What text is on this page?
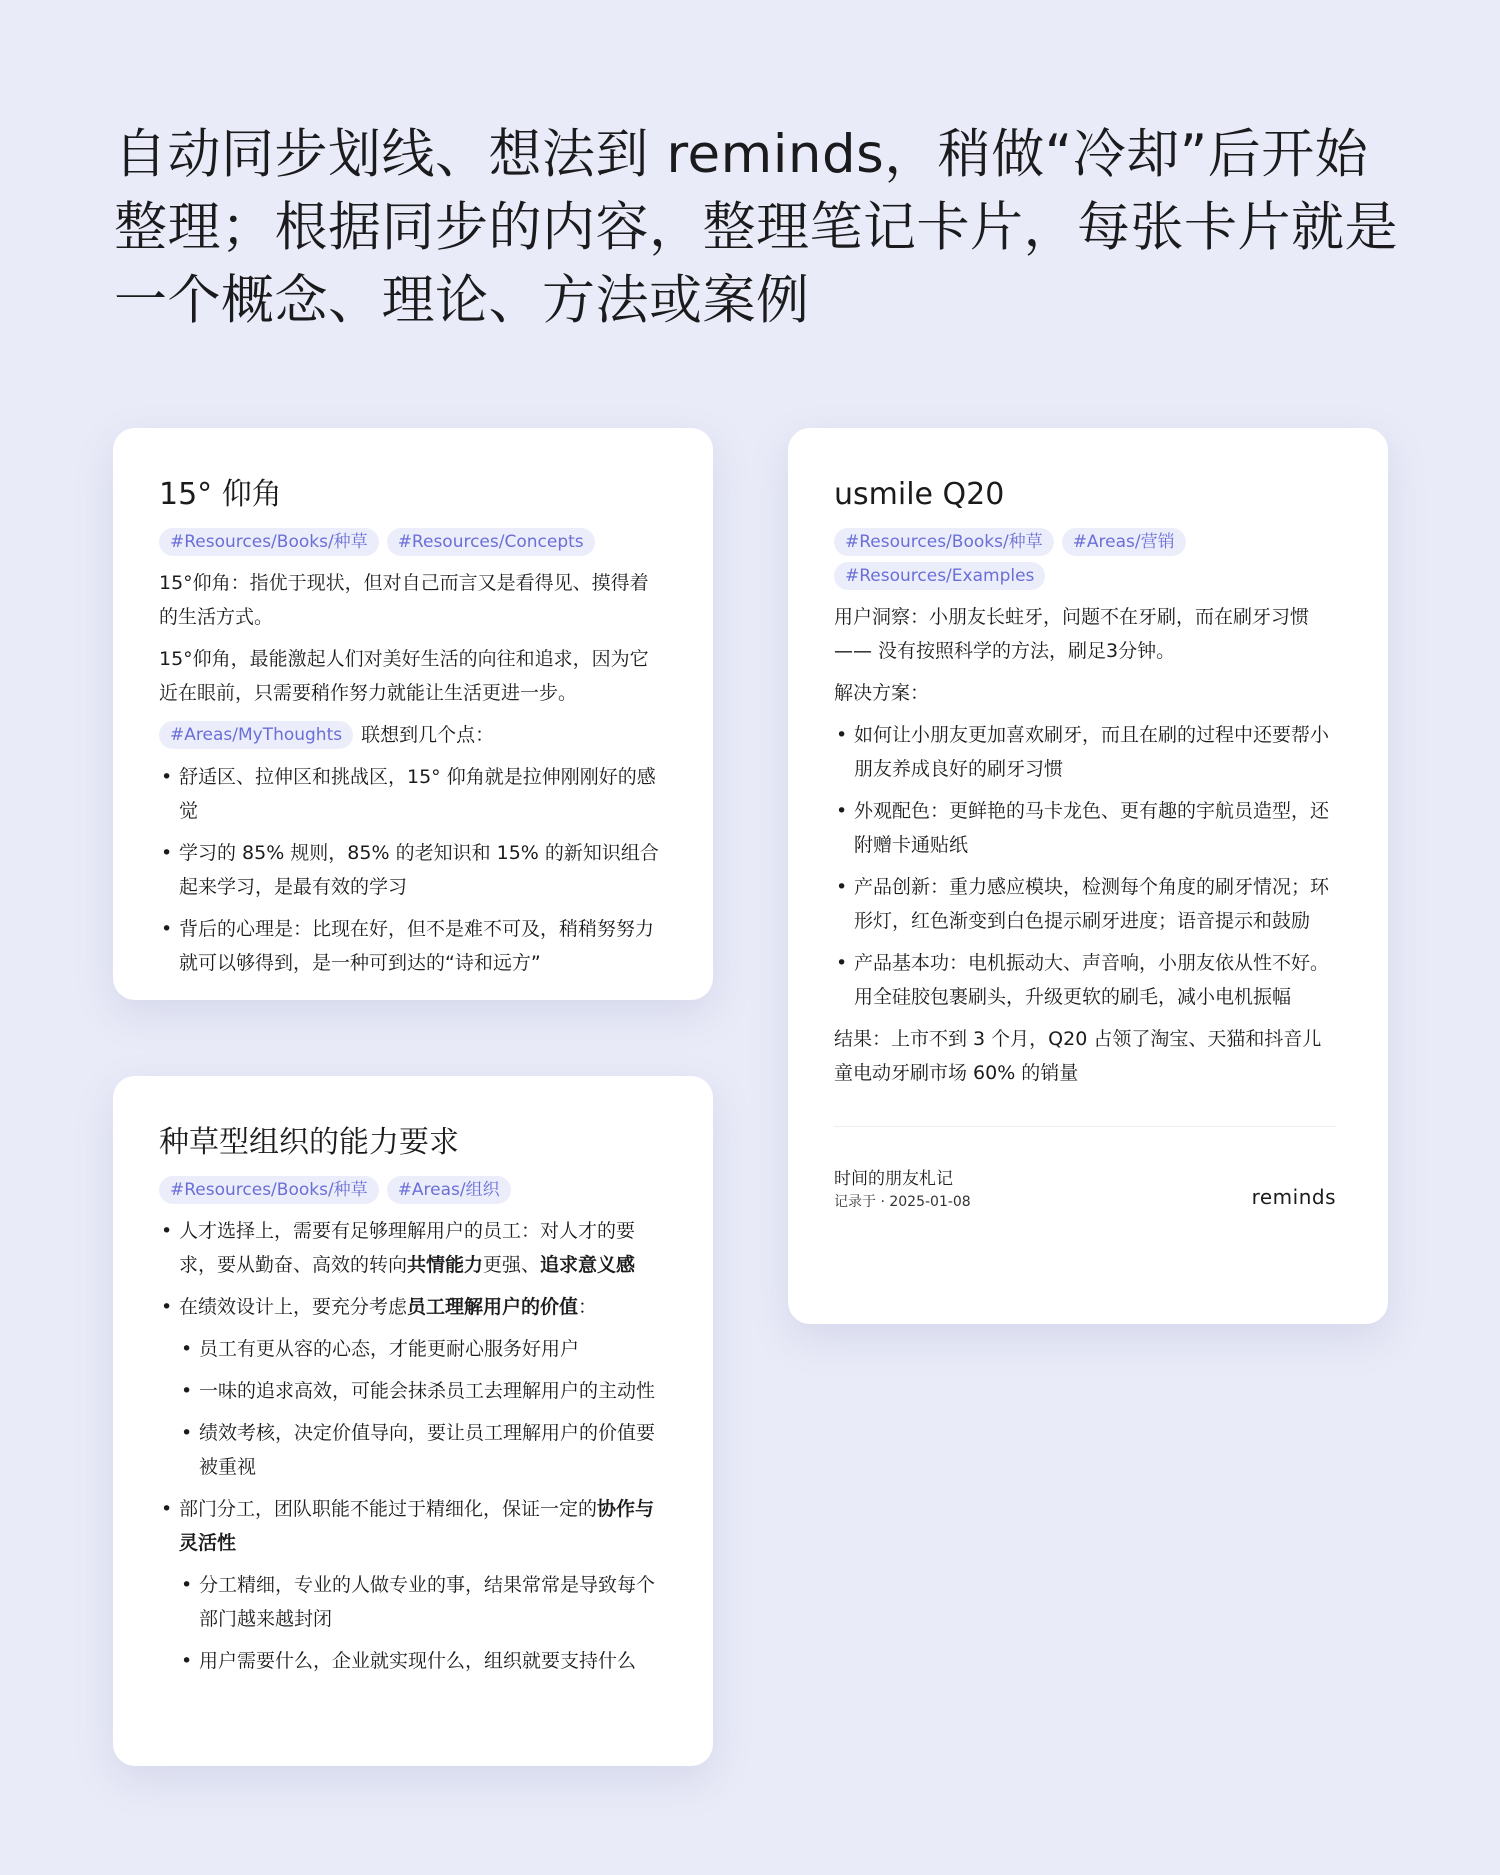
自动同步划线、想法到 reminds，稍做“冷却”后开始整理；根据同步的内容，整理笔记卡片，每张卡片就是一个概念、理论、方法或案例
15° 仰角
#Resources/Books/种草	#Resources/Concepts

15°仰角：指优于现状，但对自己而言又是看得见、摸得着的生活方式。

15°仰角，最能激起人们对美好生活的向往和追求，因为它近在眼前，只需要稍作努力就能让生活更进一步。

#Areas/MyThoughts	联想到几个点：
• 舒适区、拉伸区和挑战区，15° 仰角就是拉伸刚刚好的感觉
• 学习的 85% 规则，85% 的老知识和 15% 的新知识组合起来学习，是最有效的学习
• 背后的心理是：比现在好，但不是难不可及，稍稍努努力就可以够得到，是一种可到达的“诗和远方”
种草型组织的能力要求
#Resources/Books/种草	#Areas/组织
• 人才选择上，需要有足够理解用户的员工：对人才的要求，要从勤奋、高效的转向共情能力更强、追求意义感
• 在绩效设计上，要充分考虑员工理解用户的价值：
• 员工有更从容的心态，才能更耐心服务好用户
• 一味的追求高效，可能会抹杀员工去理解用户的主动性
• 绩效考核，决定价值导向，要让员工理解用户的价值要被重视
• 部门分工，团队职能不能过于精细化，保证一定的协作与灵活性
• 分工精细，专业的人做专业的事，结果常常是导致每个部门越来越封闭
• 用户需要什么，企业就实现什么，组织就要支持什么
usmile Q20
#Resources/Books/种草	#Areas/营销
#Resources/Examples

用户洞察：小朋友长蛀牙，问题不在牙刷，而在刷牙习惯 —— 没有按照科学的方法，刷足3分钟。

解决方案：

• 如何让小朋友更加喜欢刷牙，而且在刷的过程中还要帮小朋友养成良好的刷牙习惯
• 外观配色：更鲜艳的马卡龙色、更有趣的宇航员造型，还附赠卡通贴纸
• 产品创新：重力感应模块，检测每个角度的刷牙情况；环形灯，红色渐变到白色提示刷牙进度；语音提示和鼓励
• 产品基本功：电机振动大、声音响，小朋友依从性不好。用全硅胶包裹刷头，升级更软的刷毛，减小电机振幅

结果：上市不到 3 个月，Q20 占领了淘宝、天猫和抖音儿童电动牙刷市场 60% 的销量

时间的朋友札记
记录于 · 2025-01-08	reminds
